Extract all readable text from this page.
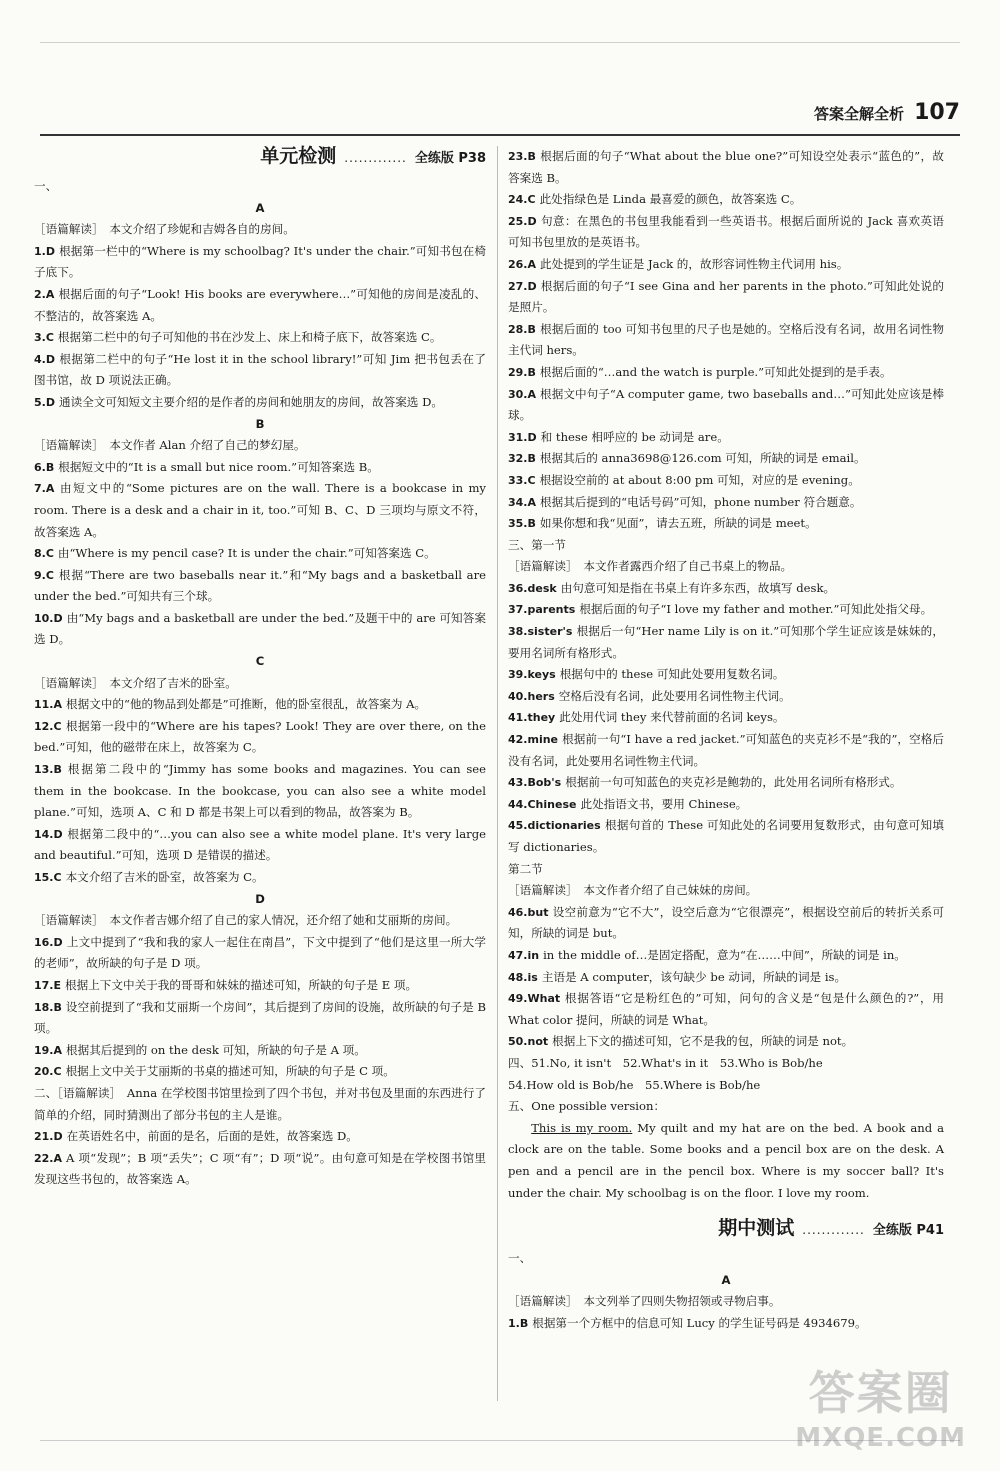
答案全解全析 107
单元检测 ............. 全练版 P38
一、
A
［语篇解读］　本文介绍了珍妮和吉姆各自的房间。
1.D 根据第一栏中的“Where is my schoolbag? It's under the chair.”可知书包在椅子底下。
2.A 根据后面的句子“Look! His books are everywhere…”可知他的房间是凌乱的、不整洁的，故答案选 A。
3.C 根据第二栏中的句子可知他的书在沙发上、床上和椅子底下，故答案选 C。
4.D 根据第二栏中的句子“He lost it in the school library!”可知 Jim 把书包丢在了图书馆，故 D 项说法正确。
5.D 通读全文可知短文主要介绍的是作者的房间和她朋友的房间，故答案选 D。
B
［语篇解读］　本文作者 Alan 介绍了自己的梦幻屋。
6.B 根据短文中的“It is a small but nice room.”可知答案选 B。
7.A 由短文中的“Some pictures are on the wall. There is a bookcase in my room. There is a desk and a chair in it, too.”可知 B、C、D 三项均与原文不符，故答案选 A。
8.C 由“Where is my pencil case? It is under the chair.”可知答案选 C。
9.C 根据“There are two baseballs near it.”和“My bags and a basketball are under the bed.”可知共有三个球。
10.D 由“My bags and a basketball are under the bed.”及题干中的 are 可知答案选 D。
C
［语篇解读］　本文介绍了吉米的卧室。
11.A 根据文中的“他的物品到处都是”可推断，他的卧室很乱，故答案为 A。
12.C 根据第一段中的“Where are his tapes? Look! They are over there, on the bed.”可知，他的磁带在床上，故答案为 C。
13.B 根据第二段中的“Jimmy has some books and magazines. You can see them in the bookcase. In the bookcase, you can also see a white model plane.”可知，选项 A、C 和 D 都是书架上可以看到的物品，故答案为 B。
14.D 根据第二段中的“…you can also see a white model plane. It's very large and beautiful.”可知，选项 D 是错误的描述。
15.C 本文介绍了吉米的卧室，故答案为 C。
D
［语篇解读］　本文作者吉娜介绍了自己的家人情况，还介绍了她和艾丽斯的房间。
16.D 上文中提到了“我和我的家人一起住在南昌”，下文中提到了“他们是这里一所大学的老师”，故所缺的句子是 D 项。
17.E 根据上下文中关于我的哥哥和妹妹的描述可知，所缺的句子是 E 项。
18.B 设空前提到了“我和艾丽斯一个房间”，其后提到了房间的设施，故所缺的句子是 B 项。
19.A 根据其后提到的 on the desk 可知，所缺的句子是 A 项。
20.C 根据上文中关于艾丽斯的书桌的描述可知，所缺的句子是 C 项。
二、［语篇解读］　Anna 在学校图书馆里捡到了四个书包，并对书包及里面的东西进行了简单的介绍，同时猜测出了部分书包的主人是谁。
21.D 在英语姓名中，前面的是名，后面的是姓，故答案选 D。
22.A A 项“发现”；B 项“丢失”；C 项“有”；D 项“说”。由句意可知是在学校图书馆里发现这些书包的，故答案选 A。
23.B 根据后面的句子“What about the blue one?”可知设空处表示“蓝色的”，故答案选 B。
24.C 此处指绿色是 Linda 最喜爱的颜色，故答案选 C。
25.D 句意：在黑色的书包里我能看到一些英语书。根据后面所说的 Jack 喜欢英语可知书包里放的是英语书。
26.A 此处提到的学生证是 Jack 的，故形容词性物主代词用 his。
27.D 根据后面的句子“I see Gina and her parents in the photo.”可知此处说的是照片。
28.B 根据后面的 too 可知书包里的尺子也是她的。空格后没有名词，故用名词性物主代词 hers。
29.B 根据后面的“…and the watch is purple.”可知此处提到的是手表。
30.A 根据文中句子“A computer game, two baseballs and…”可知此处应该是棒球。
31.D 和 these 相呼应的 be 动词是 are。
32.B 根据其后的 anna3698@126.com 可知，所缺的词是 email。
33.C 根据设空前的 at about 8:00 pm 可知，对应的是 evening。
34.A 根据其后提到的“电话号码”可知，phone number 符合题意。
35.B 如果你想和我“见面”，请去五班，所缺的词是 meet。
三、第一节
［语篇解读］　本文作者露西介绍了自己书桌上的物品。
36.desk 由句意可知是指在书桌上有许多东西，故填写 desk。
37.parents 根据后面的句子“I love my father and mother.”可知此处指父母。
38.sister's 根据后一句“Her name Lily is on it.”可知那个学生证应该是妹妹的，要用名词所有格形式。
39.keys 根据句中的 these 可知此处要用复数名词。
40.hers 空格后没有名词，此处要用名词性物主代词。
41.they 此处用代词 they 来代替前面的名词 keys。
42.mine 根据前一句“I have a red jacket.”可知蓝色的夹克衫不是“我的”，空格后没有名词，此处要用名词性物主代词。
43.Bob's 根据前一句可知蓝色的夹克衫是鲍勃的，此处用名词所有格形式。
44.Chinese 此处指语文书，要用 Chinese。
45.dictionaries 根据句首的 These 可知此处的名词要用复数形式，由句意可知填写 dictionaries。
第二节
［语篇解读］　本文作者介绍了自己妹妹的房间。
46.but 设空前意为“它不大”，设空后意为“它很漂亮”，根据设空前后的转折关系可知，所缺的词是 but。
47.in in the middle of…是固定搭配，意为“在……中间”，所缺的词是 in。
48.is 主语是 A computer，该句缺少 be 动词，所缺的词是 is。
49.What 根据答语“它是粉红色的”可知，问句的含义是“包是什么颜色的?”，用 What color 提问，所缺的词是 What。
50.not 根据上下文的描述可知，它不是我的包，所缺的词是 not。
四、51.No, it isn't　52.What's in it　53.Who is Bob/he
54.How old is Bob/he　55.Where is Bob/he
五、One possible version：
This is my room. My quilt and my hat are on the bed. A book and a clock are on the table. Some books and a pencil box are on the desk. A pen and a pencil are in the pencil box. Where is my soccer ball? It's under the chair. My schoolbag is on the floor. I love my room.
期中测试 ............. 全练版 P41
一、
A
［语篇解读］　本文列举了四则失物招领或寻物启事。
1.B 根据第一个方框中的信息可知 Lucy 的学生证号码是 4934679。
答案圈
MXQE.COM
